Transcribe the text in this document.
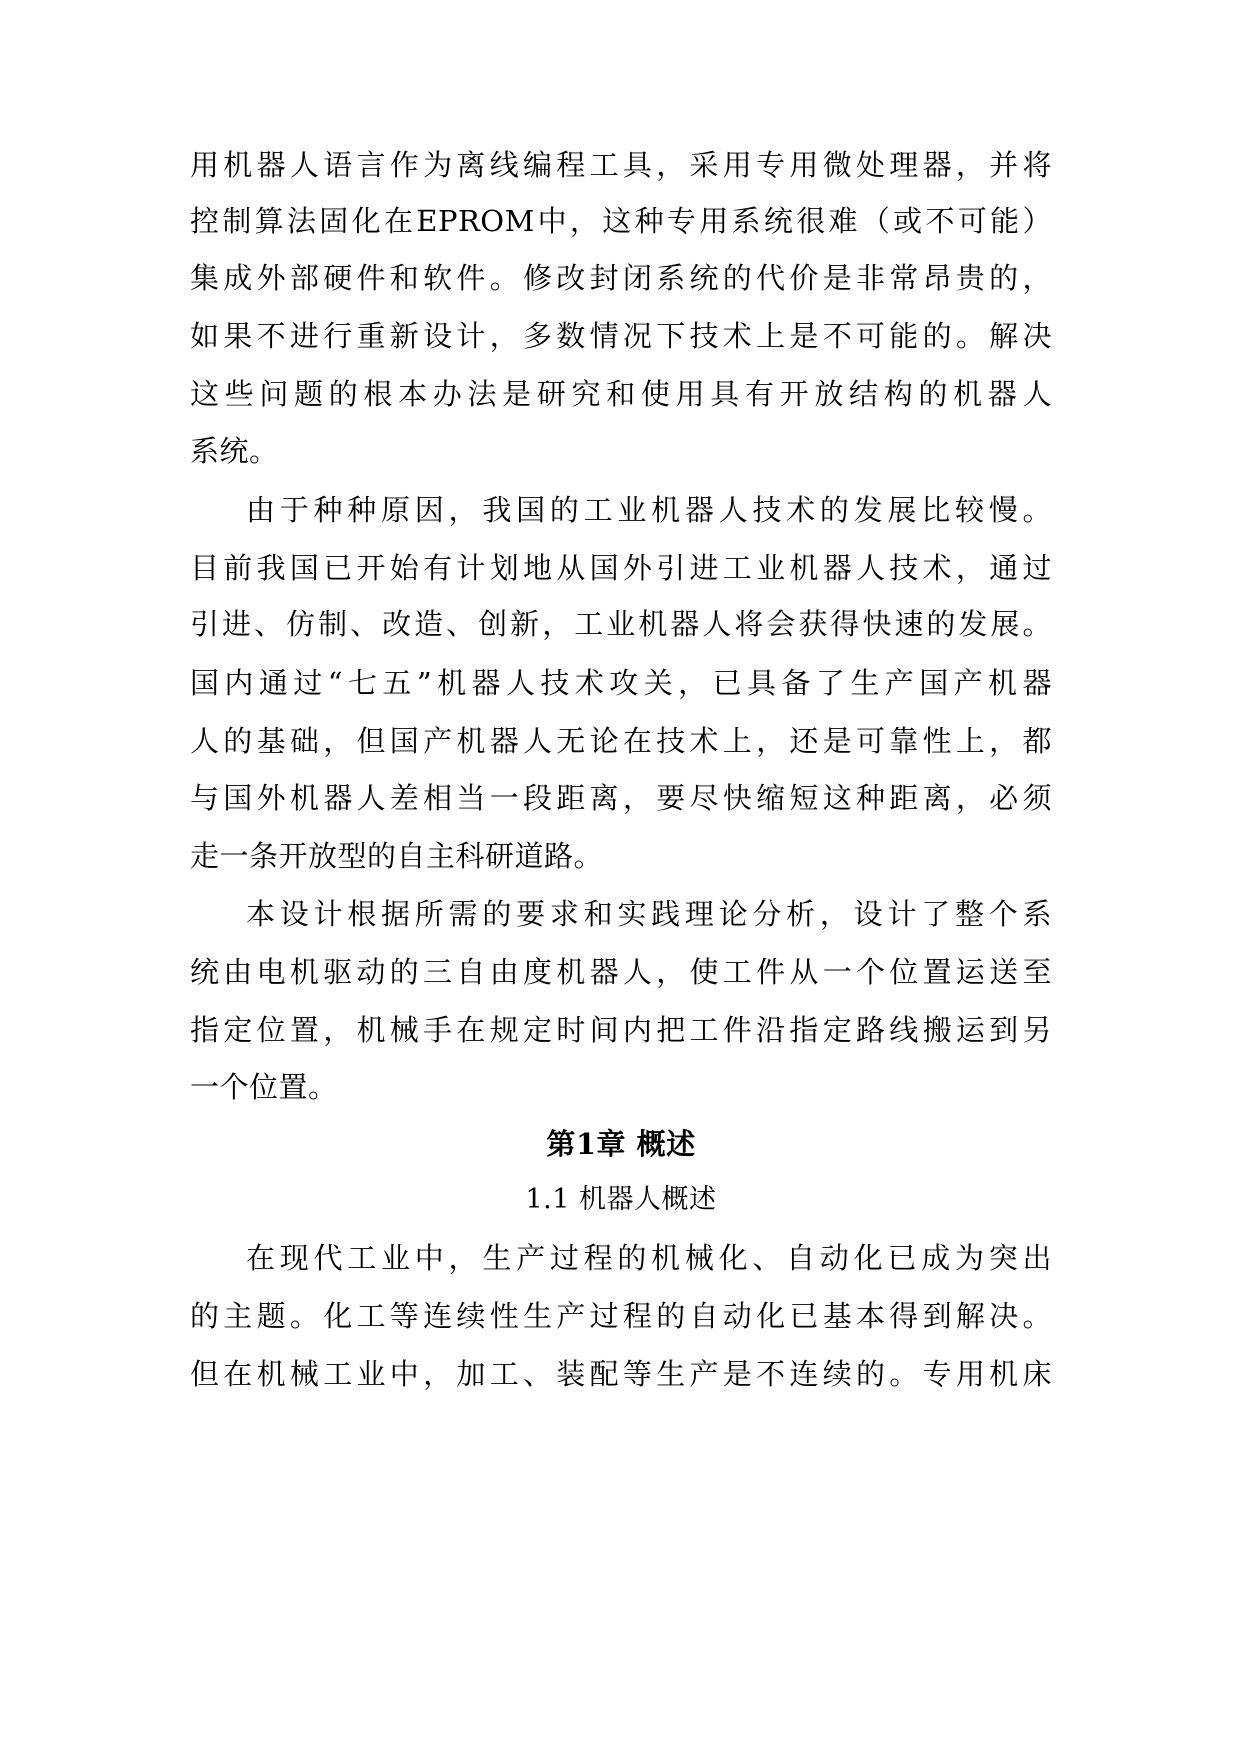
用机器人语言作为离线编程工具，采用专用微处理器，并将
控制算法固化在EPROM中，这种专用系统很难（或不可能）
集成外部硬件和软件。修改封闭系统的代价是非常昂贵的，
如果不进行重新设计，多数情况下技术上是不可能的。解决
这些问题的根本办法是研究和使用具有开放结构的机器人
系统。
由于种种原因，我国的工业机器人技术的发展比较慢。
目前我国已开始有计划地从国外引进工业机器人技术，通过
引进、仿制、改造、创新，工业机器人将会获得快速的发展。
国内通过“七五”机器人技术攻关，已具备了生产国产机器
人的基础，但国产机器人无论在技术上，还是可靠性上，都
与国外机器人差相当一段距离，要尽快缩短这种距离，必须
走一条开放型的自主科研道路。
本设计根据所需的要求和实践理论分析，设计了整个系
统由电机驱动的三自由度机器人，使工件从一个位置运送至
指定位置，机械手在规定时间内把工件沿指定路线搬运到另
一个位置。
第1章 概述
1.1 机器人概述
在现代工业中，生产过程的机械化、自动化已成为突出
的主题。化工等连续性生产过程的自动化已基本得到解决。
但在机械工业中，加工、装配等生产是不连续的。专用机床
